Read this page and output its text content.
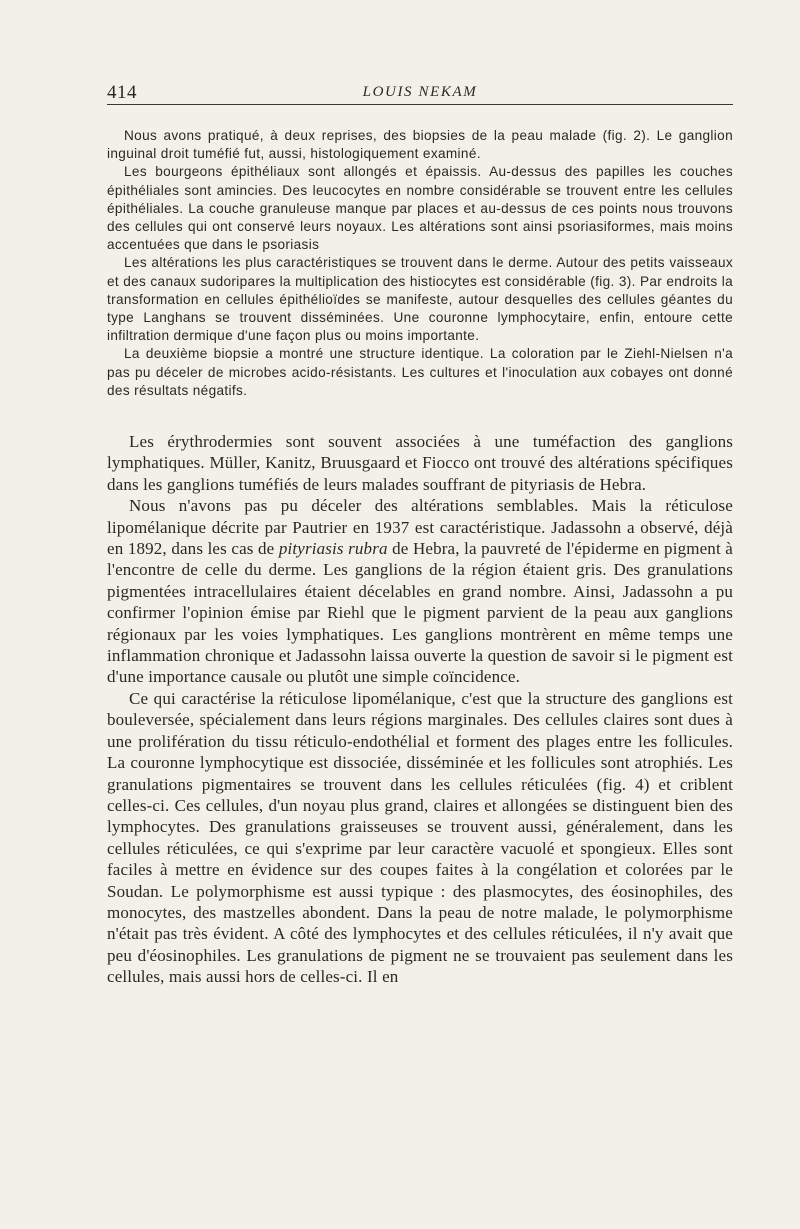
414	LOUIS NEKAM

Nous avons pratiqué, à deux reprises, des biopsies de la peau malade (fig. 2). Le ganglion inguinal droit tuméfié fut, aussi, histologiquement examiné.

Les bourgeons épithéliaux sont allongés et épaissis. Au-dessus des papilles les couches épithéliales sont amincies. Des leucocytes en nombre considérable se trouvent entre les cellules épithéliales. La couche granuleuse manque par places et au-dessus de ces points nous trouvons des cellules qui ont conservé leurs noyaux. Les altérations sont ainsi psoriasiformes, mais moins accentuées que dans le psoriasis

Les altérations les plus caractéristiques se trouvent dans le derme. Autour des petits vaisseaux et des canaux sudoripares la multiplication des histiocytes est considérable (fig. 3). Par endroits la transformation en cellules épithélioïdes se manifeste, autour desquelles des cellules géantes du type Langhans se trouvent disséminées. Une couronne lymphocytaire, enfin, entoure cette infiltration dermique d'une façon plus ou moins importante.

La deuxième biopsie a montré une structure identique. La coloration par le Ziehl-Nielsen n'a pas pu déceler de microbes acido-résistants. Les cultures et l'inoculation aux cobayes ont donné des résultats négatifs.

Les érythrodermies sont souvent associées à une tuméfaction des ganglions lymphatiques. Müller, Kanitz, Bruusgaard et Fiocco ont trouvé des altérations spécifiques dans les ganglions tuméfiés de leurs malades souffrant de pityriasis de Hebra.

Nous n'avons pas pu déceler des altérations semblables. Mais la réticulose lipomélanique décrite par Pautrier en 1937 est caractéristique. Jadassohn a observé, déjà en 1892, dans les cas de pityriasis rubra de Hebra, la pauvreté de l'épiderme en pigment à l'encontre de celle du derme. Les ganglions de la région étaient gris. Des granulations pigmentées intracellulaires étaient décelables en grand nombre. Ainsi, Jadassohn a pu confirmer l'opinion émise par Riehl que le pigment parvient de la peau aux ganglions régionaux par les voies lymphatiques. Les ganglions montrèrent en même temps une inflammation chronique et Jadassohn laissa ouverte la question de savoir si le pigment est d'une importance causale ou plutôt une simple coïncidence.

Ce qui caractérise la réticulose lipomélanique, c'est que la structure des ganglions est bouleversée, spécialement dans leurs régions marginales. Des cellules claires sont dues à une prolifération du tissu réticulo-endothélial et forment des plages entre les follicules. La couronne lymphocytique est dissociée, disséminée et les follicules sont atrophiés. Les granulations pigmentaires se trouvent dans les cellules réticulées (fig. 4) et criblent celles-ci. Ces cellules, d'un noyau plus grand, claires et allongées se distinguent bien des lymphocytes. Des granulations graisseuses se trouvent aussi, généralement, dans les cellules réticulées, ce qui s'exprime par leur caractère vacuolé et spongieux. Elles sont faciles à mettre en évidence sur des coupes faites à la congélation et colorées par le Soudan. Le polymorphisme est aussi typique : des plasmocytes, des éosinophiles, des monocytes, des mastzelles abondent. Dans la peau de notre malade, le polymorphisme n'était pas très évident. A côté des lymphocytes et des cellules réticulées, il n'y avait que peu d'éosinophiles. Les granulations de pigment ne se trouvaient pas seulement dans les cellules, mais aussi hors de celles-ci. Il en
